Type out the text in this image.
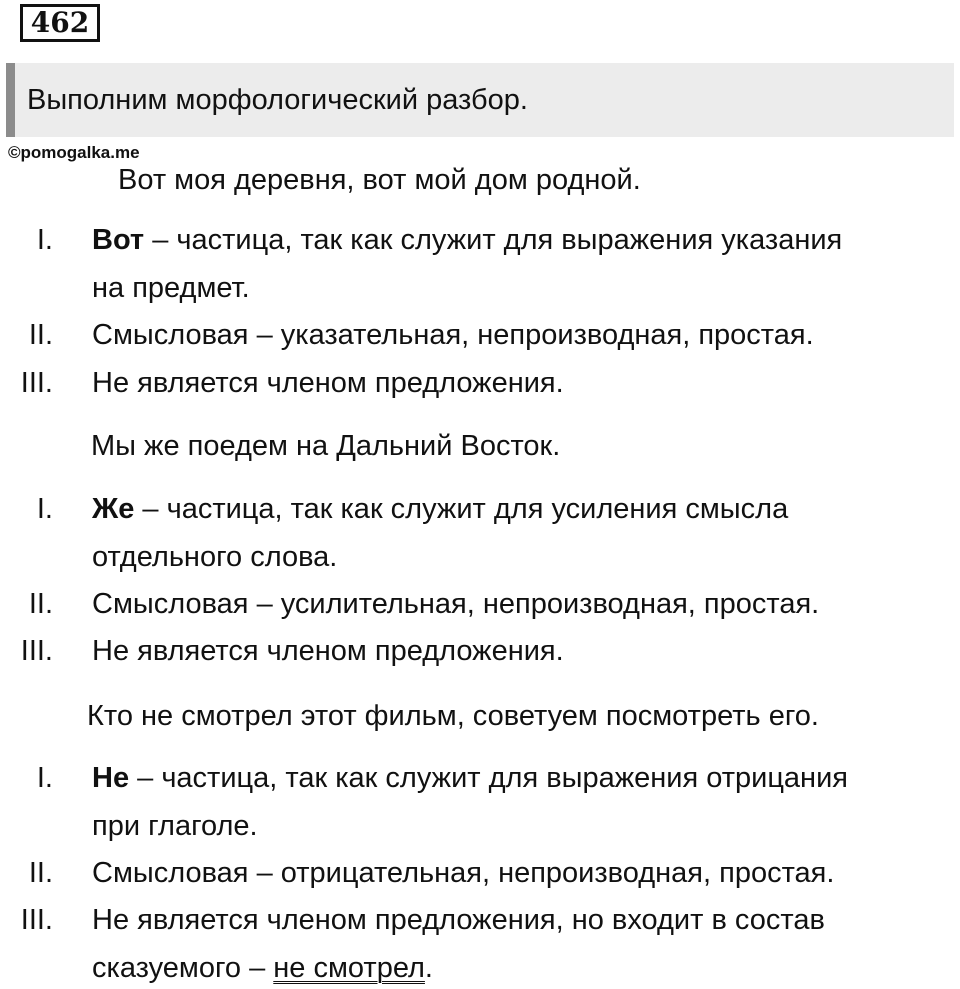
462
Выполним морфологический разбор.
©pomogalka.me
Вот моя деревня, вот мой дом родной.
I. Вот – частица, так как служит для выражения указания
на предмет.
II. Смысловая – указательная, непроизводная, простая.
III. Не является членом предложения.
Мы же поедем на Дальний Восток.
I. Же – частица, так как служит для усиления смысла
отдельного слова.
II. Смысловая – усилительная, непроизводная, простая.
III. Не является членом предложения.
Кто не смотрел этот фильм, советуем посмотреть его.
I. Не – частица, так как служит для выражения отрицания
при глаголе.
II. Смысловая – отрицательная, непроизводная, простая.
III. Не является членом предложения, но входит в состав
сказуемого – не смотрел.
